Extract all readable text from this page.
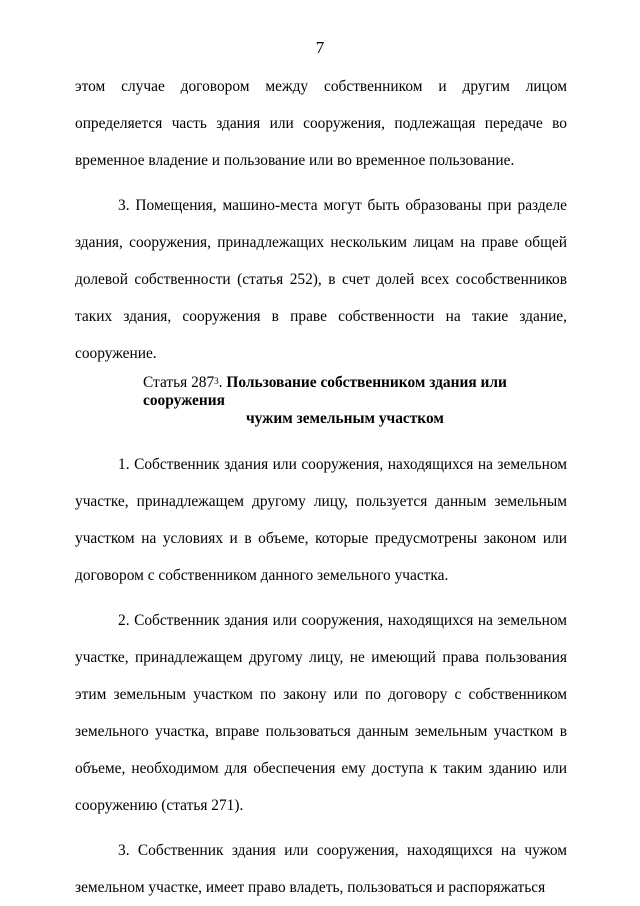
7

этом случае договором между собственником и другим лицом определяется часть здания или сооружения, подлежащая передаче во временное владение и пользование или во временное пользование.

3. Помещения, машино-места могут быть образованы при разделе здания, сооружения, принадлежащих нескольким лицам на праве общей долевой собственности (статья 252), в счет долей всех сособственников таких здания, сооружения в праве собственности на такие здание, сооружение.

Статья $287^3$. Пользование собственником здания или сооружения
чужим земельным участком

1. Собственник здания или сооружения, находящихся на земельном участке, принадлежащем другому лицу, пользуется данным земельным участком на условиях и в объеме, которые предусмотрены законом или договором с собственником данного земельного участка.

2. Собственник здания или сооружения, находящихся на земельном участке, принадлежащем другому лицу, не имеющий права пользования этим земельным участком по закону или по договору с собственником земельного участка, вправе пользоваться данным земельным участком в объеме, необходимом для обеспечения ему доступа к таким зданию или сооружению (статья 271).

3. Собственник здания или сооружения, находящихся на чужом земельном участке, имеет право владеть, пользоваться и распоряжаться
